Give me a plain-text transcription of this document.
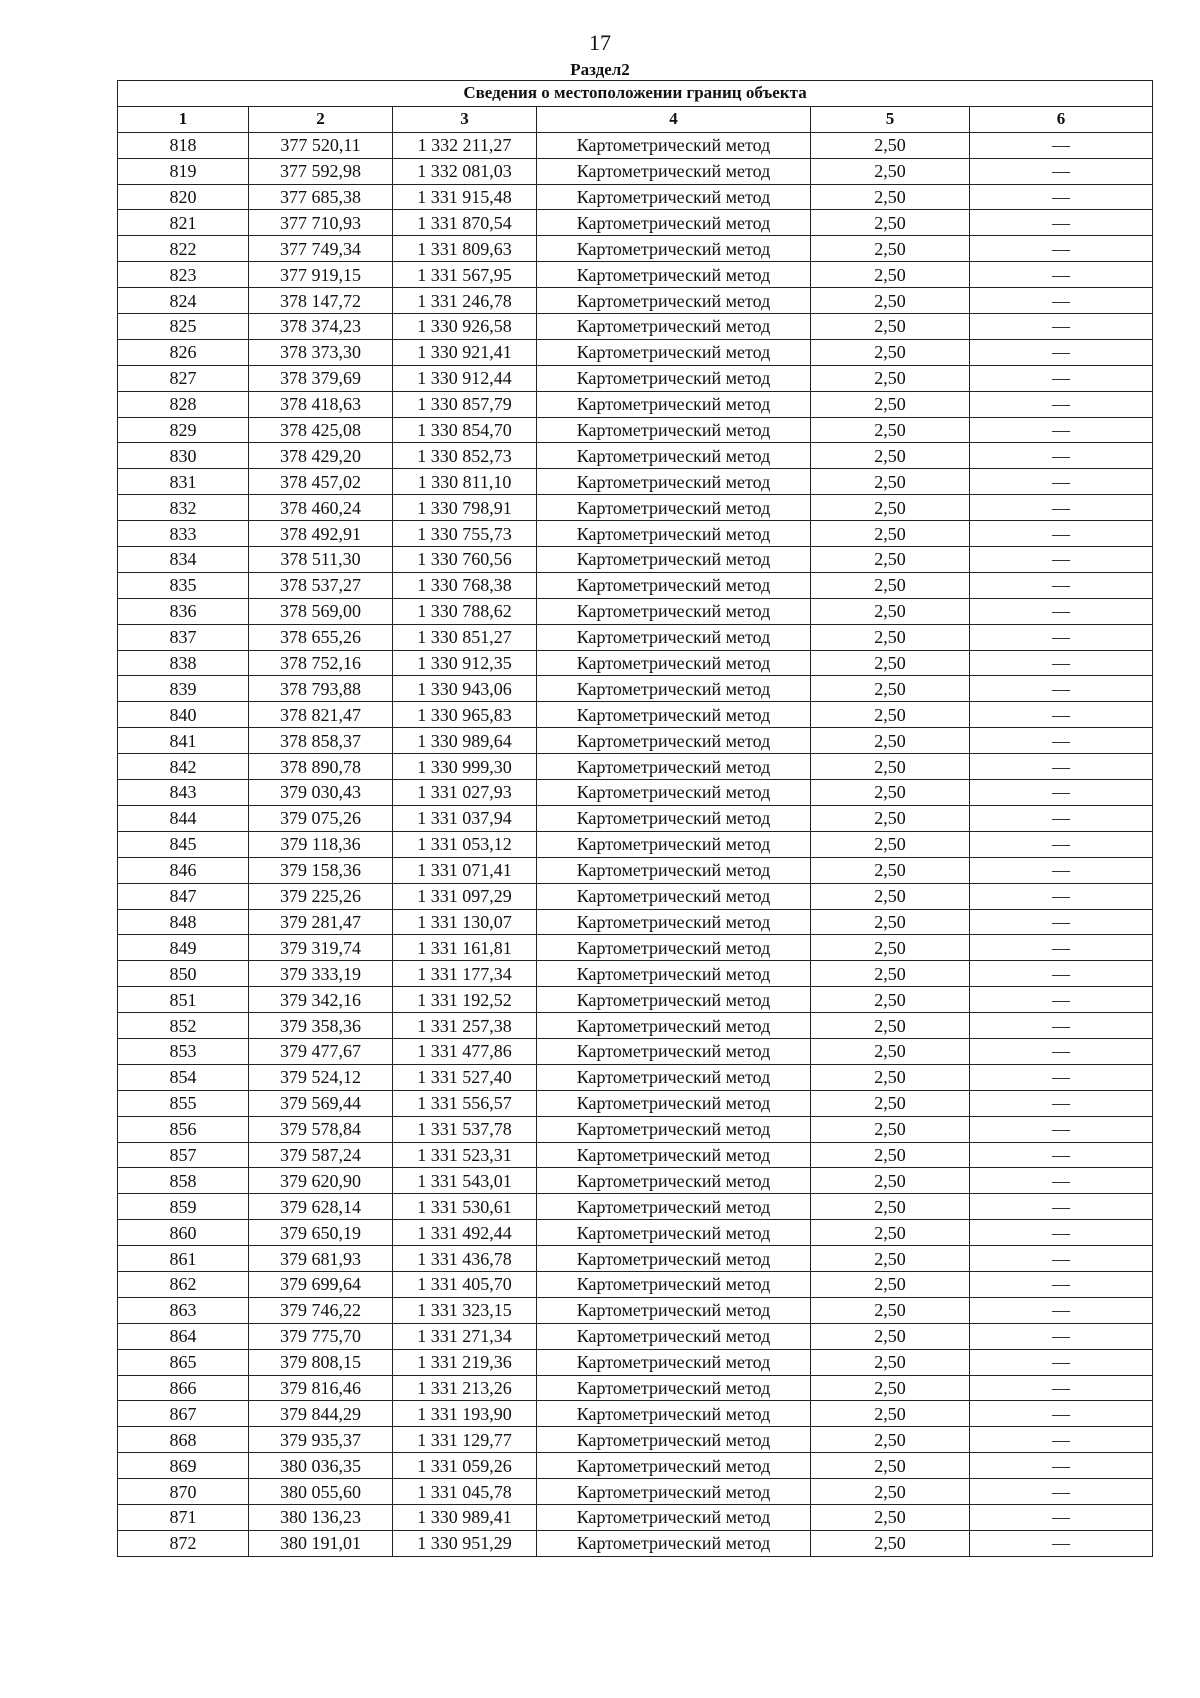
17
Раздел2
Сведения о местоположении границ объекта					
1	2	3	4	5	6
818	377 520,11	1 332 211,27	Картометрический метод	2,50	—
819	377 592,98	1 332 081,03	Картометрический метод	2,50	—
820	377 685,38	1 331 915,48	Картометрический метод	2,50	—
821	377 710,93	1 331 870,54	Картометрический метод	2,50	—
822	377 749,34	1 331 809,63	Картометрический метод	2,50	—
823	377 919,15	1 331 567,95	Картометрический метод	2,50	—
824	378 147,72	1 331 246,78	Картометрический метод	2,50	—
825	378 374,23	1 330 926,58	Картометрический метод	2,50	—
826	378 373,30	1 330 921,41	Картометрический метод	2,50	—
827	378 379,69	1 330 912,44	Картометрический метод	2,50	—
828	378 418,63	1 330 857,79	Картометрический метод	2,50	—
829	378 425,08	1 330 854,70	Картометрический метод	2,50	—
830	378 429,20	1 330 852,73	Картометрический метод	2,50	—
831	378 457,02	1 330 811,10	Картометрический метод	2,50	—
832	378 460,24	1 330 798,91	Картометрический метод	2,50	—
833	378 492,91	1 330 755,73	Картометрический метод	2,50	—
834	378 511,30	1 330 760,56	Картометрический метод	2,50	—
835	378 537,27	1 330 768,38	Картометрический метод	2,50	—
836	378 569,00	1 330 788,62	Картометрический метод	2,50	—
837	378 655,26	1 330 851,27	Картометрический метод	2,50	—
838	378 752,16	1 330 912,35	Картометрический метод	2,50	—
839	378 793,88	1 330 943,06	Картометрический метод	2,50	—
840	378 821,47	1 330 965,83	Картометрический метод	2,50	—
841	378 858,37	1 330 989,64	Картометрический метод	2,50	—
842	378 890,78	1 330 999,30	Картометрический метод	2,50	—
843	379 030,43	1 331 027,93	Картометрический метод	2,50	—
844	379 075,26	1 331 037,94	Картометрический метод	2,50	—
845	379 118,36	1 331 053,12	Картометрический метод	2,50	—
846	379 158,36	1 331 071,41	Картометрический метод	2,50	—
847	379 225,26	1 331 097,29	Картометрический метод	2,50	—
848	379 281,47	1 331 130,07	Картометрический метод	2,50	—
849	379 319,74	1 331 161,81	Картометрический метод	2,50	—
850	379 333,19	1 331 177,34	Картометрический метод	2,50	—
851	379 342,16	1 331 192,52	Картометрический метод	2,50	—
852	379 358,36	1 331 257,38	Картометрический метод	2,50	—
853	379 477,67	1 331 477,86	Картометрический метод	2,50	—
854	379 524,12	1 331 527,40	Картометрический метод	2,50	—
855	379 569,44	1 331 556,57	Картометрический метод	2,50	—
856	379 578,84	1 331 537,78	Картометрический метод	2,50	—
857	379 587,24	1 331 523,31	Картометрический метод	2,50	—
858	379 620,90	1 331 543,01	Картометрический метод	2,50	—
859	379 628,14	1 331 530,61	Картометрический метод	2,50	—
860	379 650,19	1 331 492,44	Картометрический метод	2,50	—
861	379 681,93	1 331 436,78	Картометрический метод	2,50	—
862	379 699,64	1 331 405,70	Картометрический метод	2,50	—
863	379 746,22	1 331 323,15	Картометрический метод	2,50	—
864	379 775,70	1 331 271,34	Картометрический метод	2,50	—
865	379 808,15	1 331 219,36	Картометрический метод	2,50	—
866	379 816,46	1 331 213,26	Картометрический метод	2,50	—
867	379 844,29	1 331 193,90	Картометрический метод	2,50	—
868	379 935,37	1 331 129,77	Картометрический метод	2,50	—
869	380 036,35	1 331 059,26	Картометрический метод	2,50	—
870	380 055,60	1 331 045,78	Картометрический метод	2,50	—
871	380 136,23	1 330 989,41	Картометрический метод	2,50	—
872	380 191,01	1 330 951,29	Картометрический метод	2,50	—
